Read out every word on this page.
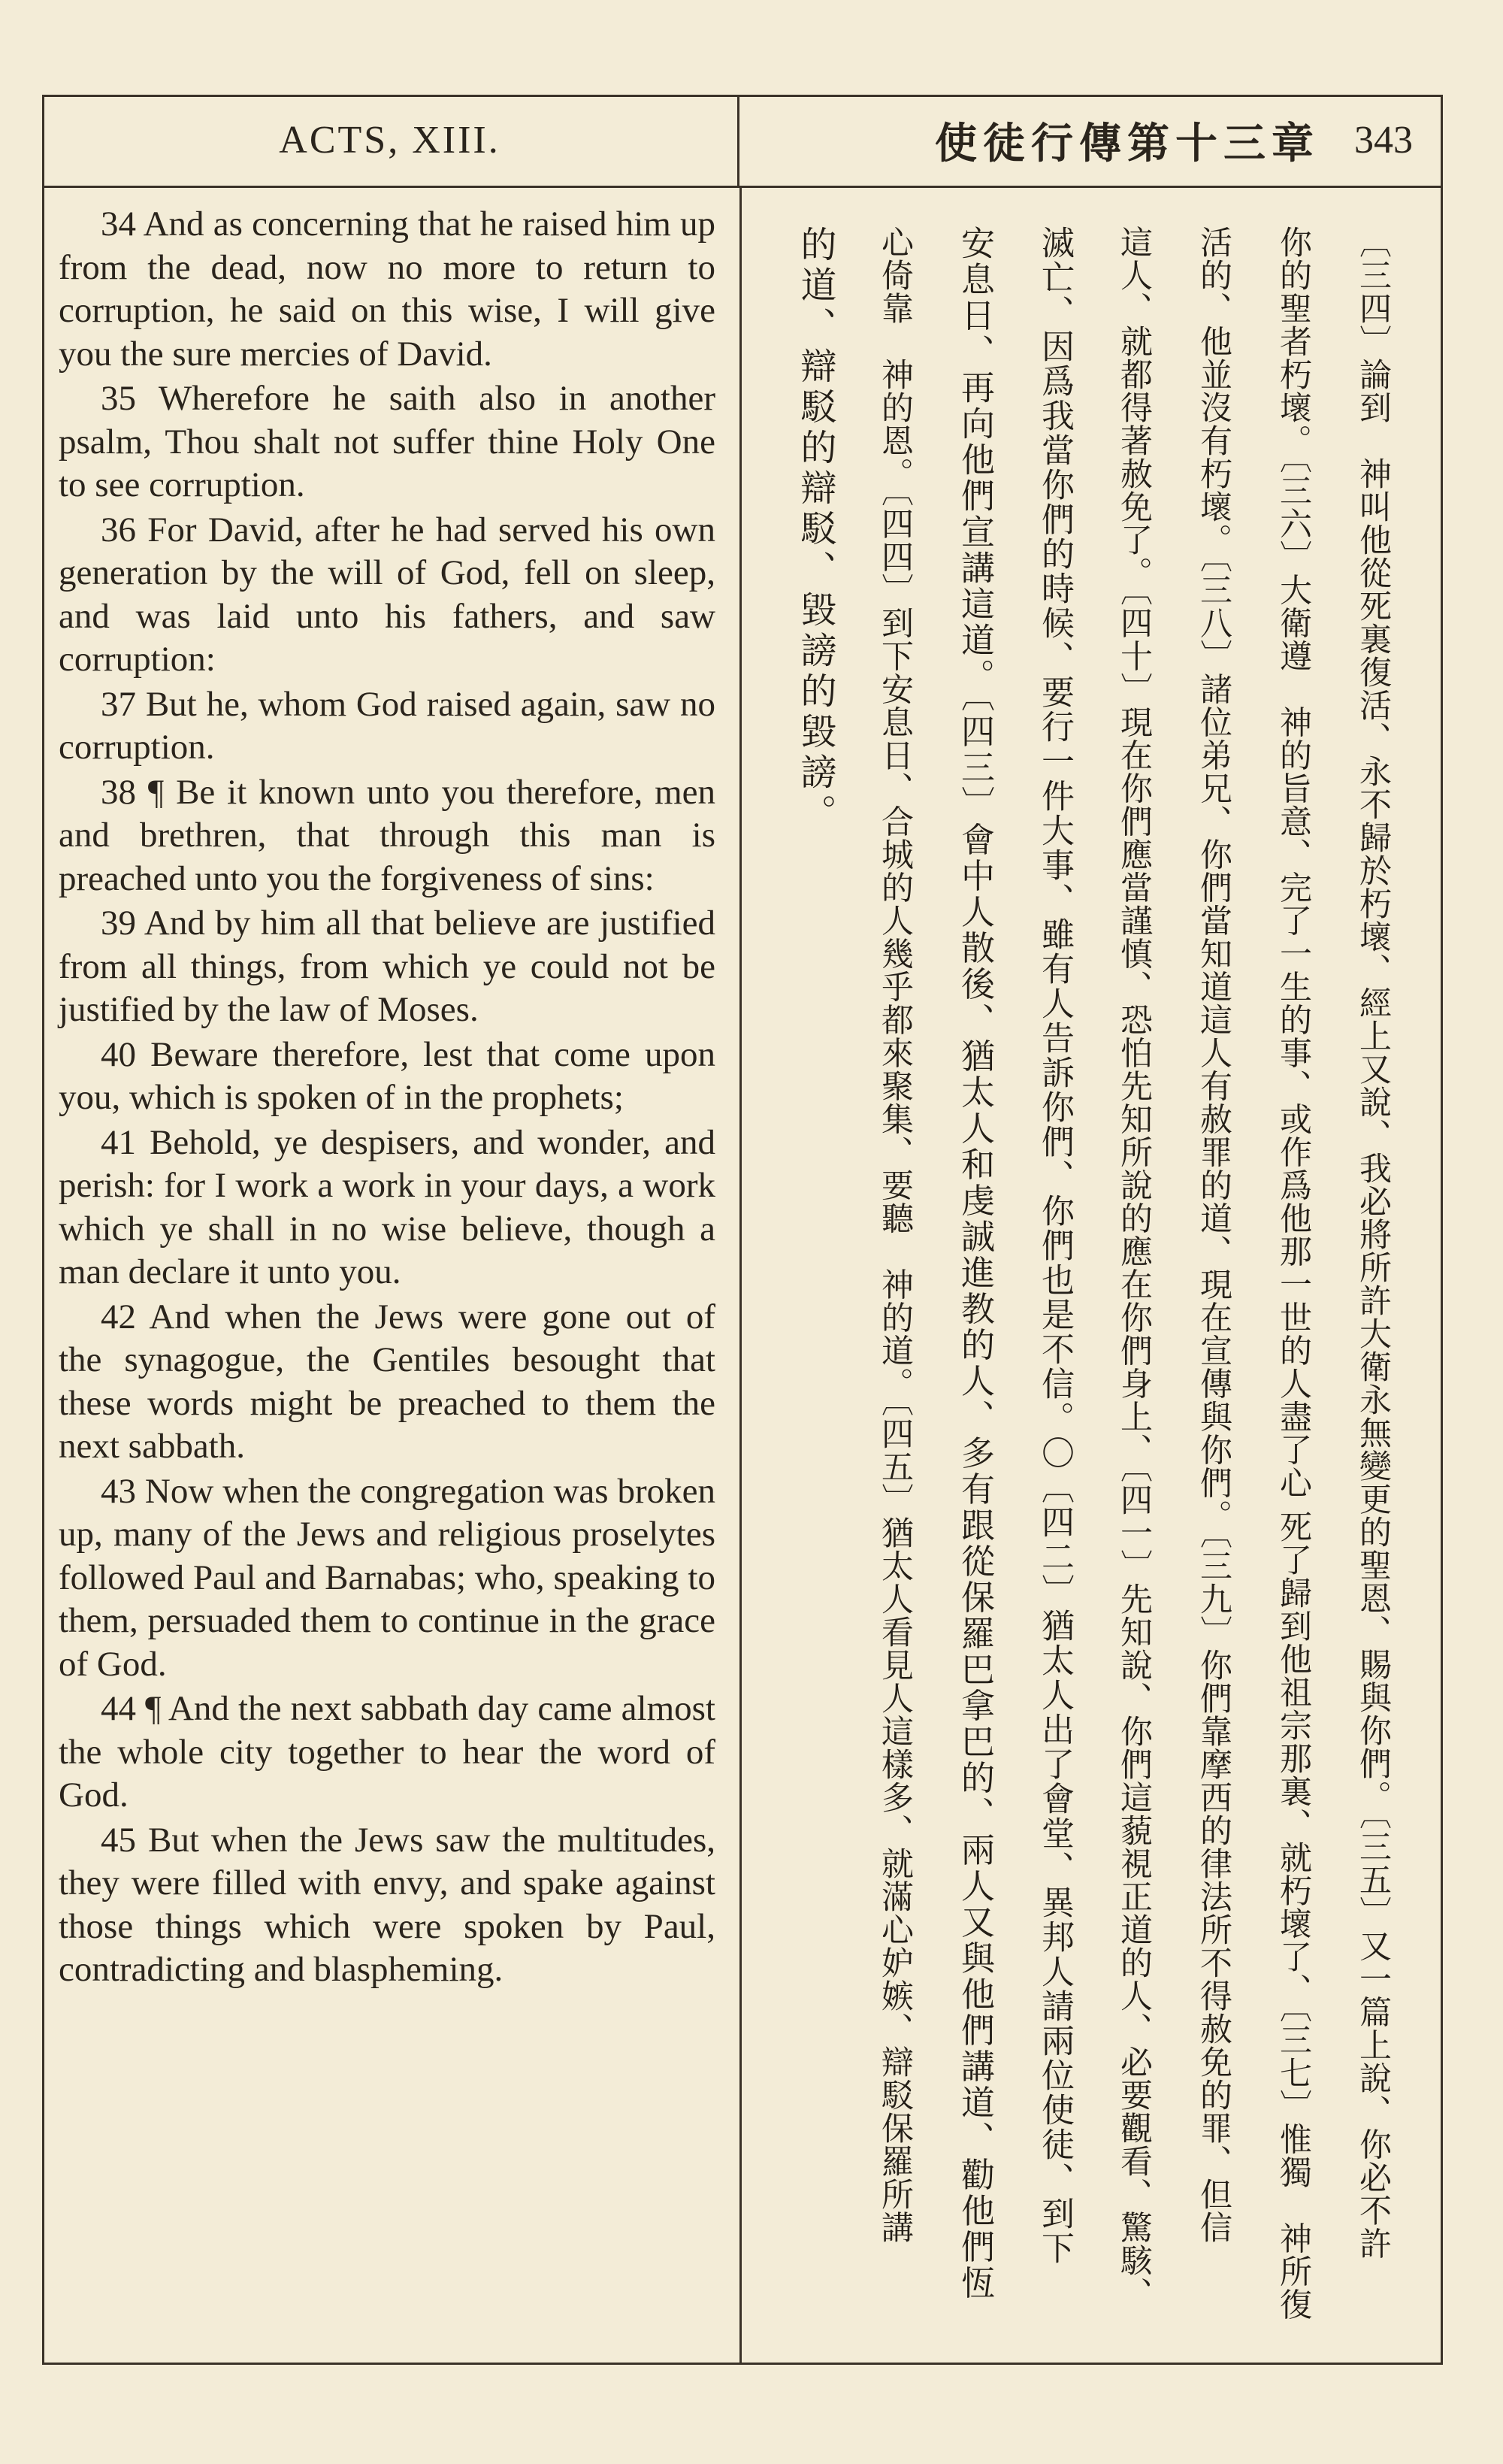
ACTS, XIII.	使徒行傳第十三章 343

34 And as concerning that he raised him up from the dead, now no more to return to corruption, he said on this wise, I will give you the sure mercies of David.

35 Wherefore he saith also in another psalm, Thou shalt not suffer thine Holy One to see corruption.

36 For David, after he had served his own generation by the will of God, fell on sleep, and was laid unto his fathers, and saw corruption:

37 But he, whom God raised again, saw no corruption.

38 ¶ Be it known unto you therefore, men and brethren, that through this man is preached unto you the forgiveness of sins:

39 And by him all that believe are justified from all things, from which ye could not be justified by the law of Moses.

40 Beware therefore, lest that come upon you, which is spoken of in the prophets;

41 Behold, ye despisers, and wonder, and perish: for I work a work in your days, a work which ye shall in no wise believe, though a man declare it unto you.

42 And when the Jews were gone out of the synagogue, the Gentiles besought that these words might be preached to them the next sabbath.

43 Now when the congregation was broken up, many of the Jews and religious proselytes followed Paul and Barnabas; who, speaking to them, persuaded them to continue in the grace of God.

44 ¶ And the next sabbath day came almost the whole city together to hear the word of God.

45 But when the Jews saw the multitudes, they were filled with envy, and spake against those things which were spoken by Paul, contradicting and blaspheming.	〔三四〕論到　神叫他從死裏復活、永不歸於朽壞、經上又說、我必將所許大衛永無變更的聖恩、賜與你們。〔三五〕又一篇上說、你必不許
你的聖者朽壞。〔三六〕大衛遵　神的旨意、完了一生的事、或作爲他那一世的人盡了心 死了歸到他祖宗那裏、就朽壞了、〔三七〕惟獨　神所復
活的、他並沒有朽壞。〔三八〕諸位弟兄、你們當知道這人有赦罪的道、現在宣傳與你們。〔三九〕你們靠摩西的律法所不得赦免的罪、但信
這人、就都得著赦免了。〔四十〕現在你們應當謹慎、恐怕先知所說的應在你們身上、〔四一〕先知說、你們這藐視正道的人、必要觀看、驚駭、
滅亡、因爲我當你們的時候、要行一件大事、雖有人告訴你們、你們也是不信。〇〔四二〕猶太人出了會堂、異邦人請兩位使徒、到下
安息日、再向他們宣講這道。〔四三〕會中人散後、猶太人和虔誠進教的人、多有跟從保羅巴拿巴的、兩人又與他們講道、勸他們恆
心倚靠　神的恩。〔四四〕到下安息日、合城的人幾乎都來聚集、要聽　神的道。〔四五〕猶太人看見人這樣多、就滿心妒嫉、辯駁保羅所講
的道、辯駁的辯駁、毀謗的毀謗。
